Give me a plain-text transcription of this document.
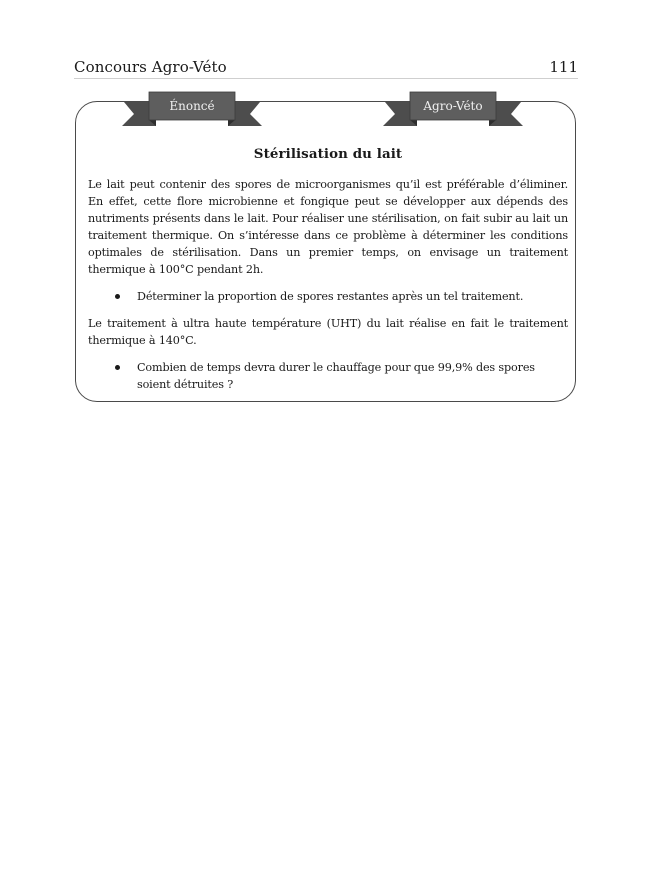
Concours Agro-Véto	111
Stérilisation du lait

Le lait peut contenir des spores de microorganismes qu’il est préférable d’éliminer. En effet, cette flore microbienne et fongique peut se développer aux dépends des nutriments présents dans le lait. Pour réaliser une stérilisation, on fait subir au lait un traitement thermique. On s’intéresse dans ce problème à déterminer les conditions optimales de stérilisation. Dans un premier temps, on envisage un traitement thermique à 100°C pendant 2h.

Déterminer la proportion de spores restantes après un tel traitement.

Le traitement à ultra haute température (UHT) du lait réalise en fait le traitement thermique à 140°C.

Combien de temps devra durer le chauffage pour que 99,9% des spores soient détruites ?
Énoncé	Agro-Véto
